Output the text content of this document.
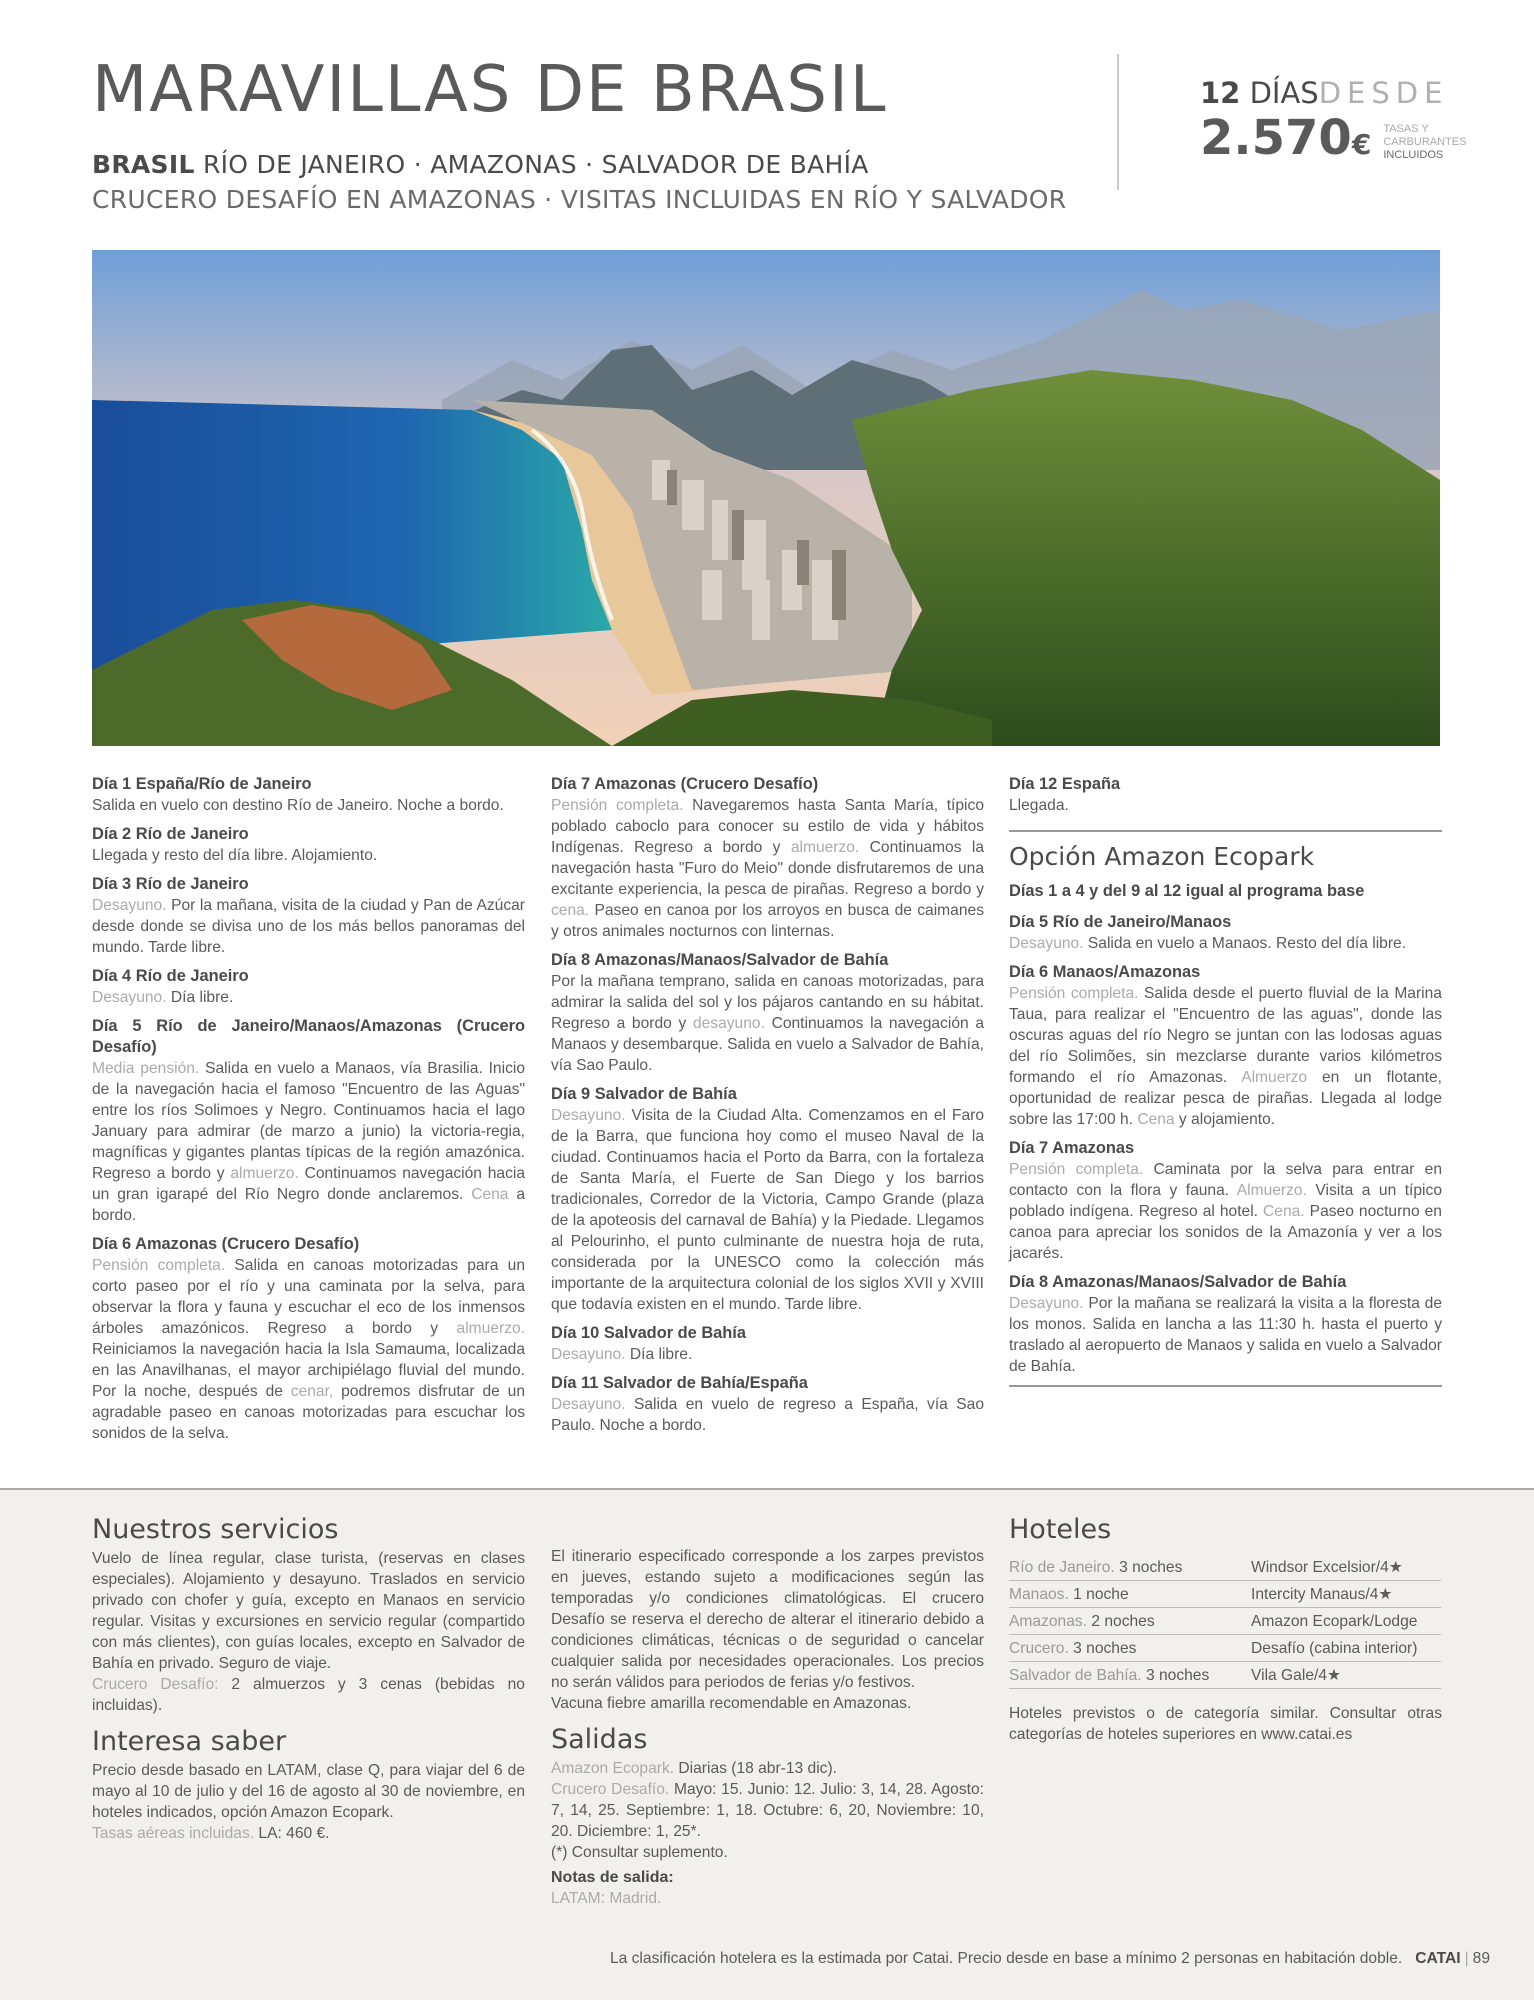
MARAVILLAS DE BRASIL
BRASIL RÍO DE JANEIRO · AMAZONAS · SALVADOR DE BAHÍA
CRUCERO DESAFÍO EN AMAZONAS · VISITAS INCLUIDAS EN RÍO Y SALVADOR
12 DÍASDESDE
2.570€ TASAS Y
CARBURANTES
INCLUIDOS
Día 1 España/Río de Janeiro

Salida en vuelo con destino Río de Janeiro. Noche a bordo.

Día 2 Río de Janeiro

Llegada y resto del día libre. Alojamiento.

Día 3 Río de Janeiro

Desayuno. Por la mañana, visita de la ciudad y Pan de Azúcar desde donde se divisa uno de los más bellos panoramas del mundo. Tarde libre.

Día 4 Río de Janeiro

Desayuno. Día libre.

Día 5 Río de Janeiro/Manaos/Amazonas (Crucero Desafío)

Media pensión. Salida en vuelo a Manaos, vía Brasilia. Inicio de la navegación hacia el famoso "Encuentro de las Aguas" entre los ríos Solimoes y Negro. Continuamos hacia el lago January para admirar (de marzo a junio) la victoria-regia, magníficas y gigantes plantas típicas de la región amazónica. Regreso a bordo y almuerzo. Continuamos navegación hacia un gran igarapé del Río Negro donde anclaremos. Cena a bordo.

Día 6 Amazonas (Crucero Desafío)

Pensión completa. Salida en canoas motorizadas para un corto paseo por el río y una caminata por la selva, para observar la flora y fauna y escuchar el eco de los inmensos árboles amazónicos. Regreso a bordo y almuerzo. Reiniciamos la navegación hacia la Isla Samauma, localizada en las Anavilhanas, el mayor archipiélago fluvial del mundo. Por la noche, después de cenar, podremos disfrutar de un agradable paseo en canoas motorizadas para escuchar los sonidos de la selva.

Día 7 Amazonas (Crucero Desafío)

Pensión completa. Navegaremos hasta Santa María, típico poblado caboclo para conocer su estilo de vida y hábitos Indígenas. Regreso a bordo y almuerzo. Continuamos la navegación hasta "Furo do Meio" donde disfrutaremos de una excitante experiencia, la pesca de pirañas. Regreso a bordo y cena. Paseo en canoa por los arroyos en busca de caimanes y otros animales nocturnos con linternas.

Día 8 Amazonas/Manaos/Salvador de Bahía

Por la mañana temprano, salida en canoas motorizadas, para admirar la salida del sol y los pájaros cantando en su hábitat. Regreso a bordo y desayuno. Continuamos la navegación a Manaos y desembarque. Salida en vuelo a Salvador de Bahía, vía Sao Paulo.

Día 9 Salvador de Bahía

Desayuno. Visita de la Ciudad Alta. Comenzamos en el Faro de la Barra, que funciona hoy como el museo Naval de la ciudad. Continuamos hacia el Porto da Barra, con la fortaleza de Santa María, el Fuerte de San Diego y los barrios tradicionales, Corredor de la Victoria, Campo Grande (plaza de la apoteosis del carnaval de Bahía) y la Piedade. Llegamos al Pelourinho, el punto culminante de nuestra hoja de ruta, considerada por la UNESCO como la colección más importante de la arquitectura colonial de los siglos XVII y XVIII que todavía existen en el mundo. Tarde libre.

Día 10 Salvador de Bahía

Desayuno. Día libre.

Día 11 Salvador de Bahía/España

Desayuno. Salida en vuelo de regreso a España, vía Sao Paulo. Noche a bordo.

Día 12 España

Llegada.

Opción Amazon Ecopark
Días 1 a 4 y del 9 al 12 igual al programa base
Día 5 Río de Janeiro/Manaos

Desayuno. Salida en vuelo a Manaos. Resto del día libre.

Día 6 Manaos/Amazonas

Pensión completa. Salida desde el puerto fluvial de la Marina Taua, para realizar el "Encuentro de las aguas", donde las oscuras aguas del río Negro se juntan con las lodosas aguas del río Solimões, sin mezclarse durante varios kilómetros formando el río Amazonas. Almuerzo en un flotante, oportunidad de realizar pesca de pirañas. Llegada al lodge sobre las 17:00 h. Cena y alojamiento.

Día 7 Amazonas

Pensión completa. Caminata por la selva para entrar en contacto con la flora y fauna. Almuerzo. Visita a un típico poblado indígena. Regreso al hotel. Cena. Paseo nocturno en canoa para apreciar los sonidos de la Amazonía y ver a los jacarés.

Día 8 Amazonas/Manaos/Salvador de Bahía

Desayuno. Por la mañana se realizará la visita a la floresta de los monos. Salida en lancha a las 11:30 h. hasta el puerto y traslado al aeropuerto de Manaos y salida en vuelo a Salvador de Bahía.

Nuestros servicios

Vuelo de línea regular, clase turista, (reservas en clases especiales). Alojamiento y desayuno. Traslados en servicio privado con chofer y guía, excepto en Manaos en servicio regular. Visitas y excursiones en servicio regular (compartido con más clientes), con guías locales, excepto en Salvador de Bahía en privado. Seguro de viaje.

Crucero Desafío: 2 almuerzos y 3 cenas (bebidas no incluidas).

Interesa saber

Precio desde basado en LATAM, clase Q, para viajar del 6 de mayo al 10 de julio y del 16 de agosto al 30 de noviembre, en hoteles indicados, opción Amazon Ecopark.

Tasas aéreas incluidas. LA: 460 €.

El itinerario especificado corresponde a los zarpes previstos en jueves, estando sujeto a modificaciones según las temporadas y/o condiciones climatológicas. El crucero Desafío se reserva el derecho de alterar el itinerario debido a condiciones climáticas, técnicas o de seguridad o cancelar cualquier salida por necesidades operacionales. Los precios no serán válidos para periodos de ferias y/o festivos.

Vacuna fiebre amarilla recomendable en Amazonas.

Salidas

Amazon Ecopark. Diarias (18 abr-13 dic).

Crucero Desafío. Mayo: 15. Junio: 12. Julio: 3, 14, 28. Agosto: 7, 14, 25. Septiembre: 1, 18. Octubre: 6, 20, Noviembre: 10, 20. Diciembre: 1, 25*.

(*) Consultar suplemento.

Notas de salida:

LATAM: Madrid.

Hoteles
Río de Janeiro. 3 noches	Windsor Excelsior/4★
Manaos. 1 noche	Intercity Manaus/4★
Amazonas. 2 noches	Amazon Ecopark/Lodge
Crucero. 3 noches	Desafío (cabina interior)
Salvador de Bahía. 3 noches	Vila Gale/4★

Hoteles previstos o de categoría similar. Consultar otras categorías de hoteles superiores en www.catai.es

La clasificación hotelera es la estimada por Catai. Precio desde en base a mínimo 2 personas en habitación doble. CATAI | 89
